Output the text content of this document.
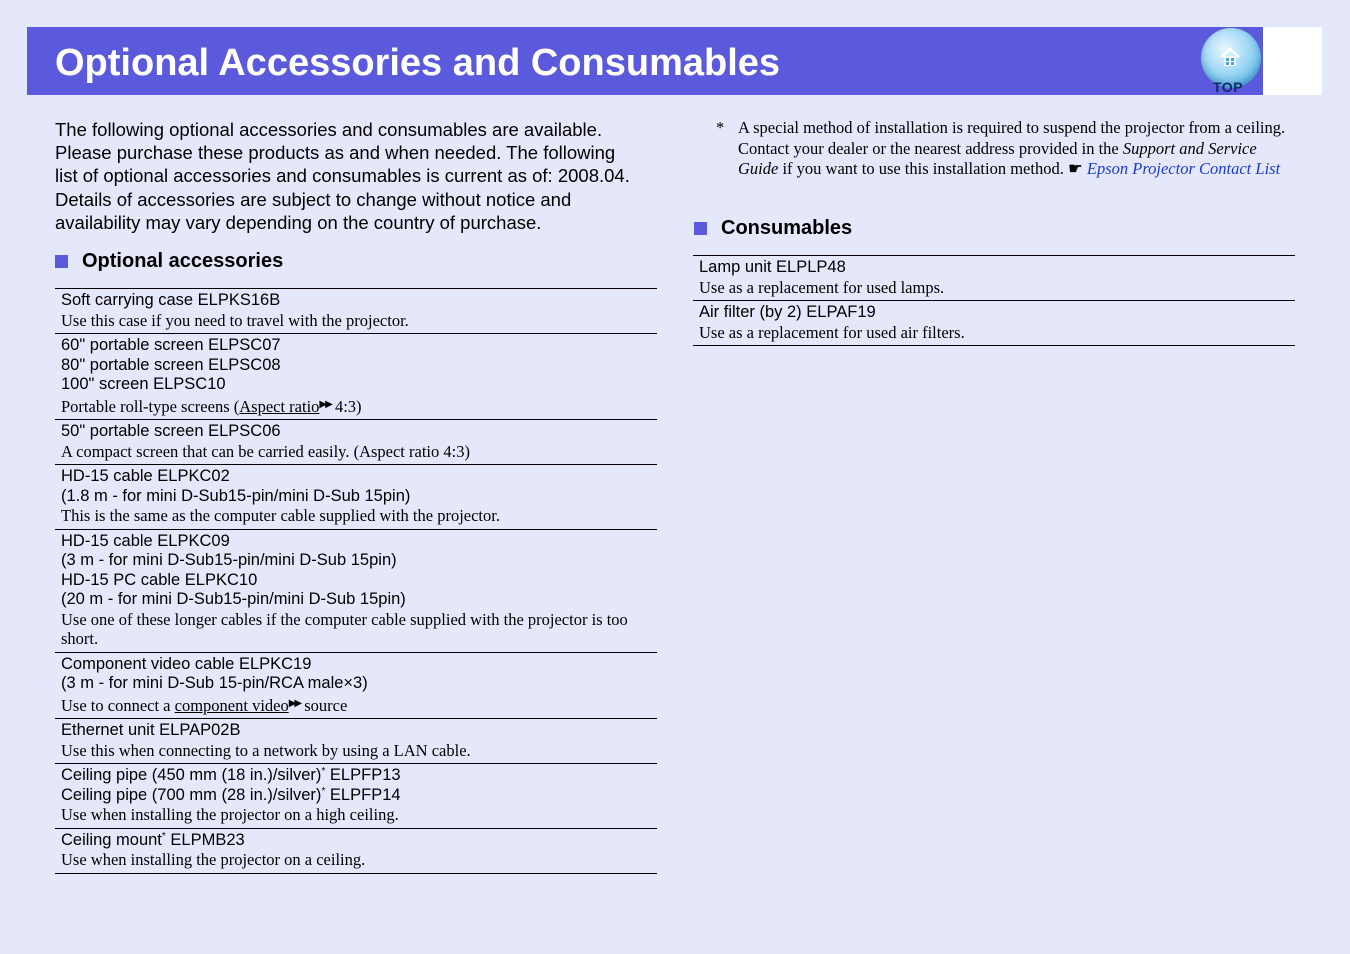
Optional Accessories and Consumables
TOP
The following optional accessories and consumables are available.
Please purchase these products as and when needed. The following
list of optional accessories and consumables is current as of: 2008.04.
Details of accessories are subject to change without notice and
availability may vary depending on the country of purchase.
Optional accessories
Soft carrying case ELPKS16B
Use this case if you need to travel with the projector.
60" portable screen ELPSC07
80" portable screen ELPSC08
100" screen ELPSC10
Portable roll-type screens (Aspect ratio▶▶ 4:3)
50" portable screen ELPSC06
A compact screen that can be carried easily. (Aspect ratio 4:3)
HD-15 cable ELPKC02
(1.8 m - for mini D-Sub15-pin/mini D-Sub 15pin)
This is the same as the computer cable supplied with the projector.
HD-15 cable ELPKC09
(3 m - for mini D-Sub15-pin/mini D-Sub 15pin)
HD-15 PC cable ELPKC10
(20 m - for mini D-Sub15-pin/mini D-Sub 15pin)
Use one of these longer cables if the computer cable supplied with the projector is too short.
Component video cable ELPKC19
(3 m - for mini D-Sub 15-pin/RCA male×3)
Use to connect a component video▶▶ source
Ethernet unit ELPAP02B
Use this when connecting to a network by using a LAN cable.
Ceiling pipe (450 mm (18 in.)/silver)* ELPFP13
Ceiling pipe (700 mm (28 in.)/silver)* ELPFP14
Use when installing the projector on a high ceiling.
Ceiling mount* ELPMB23
Use when installing the projector on a ceiling.
* A special method of installation is required to suspend the projector from a ceiling. Contact your dealer or the nearest address provided in the Support and Service Guide if you want to use this installation method. ☛ Epson Projector Contact List
Consumables
Lamp unit ELPLP48
Use as a replacement for used lamps.
Air filter (by 2) ELPAF19
Use as a replacement for used air filters.
